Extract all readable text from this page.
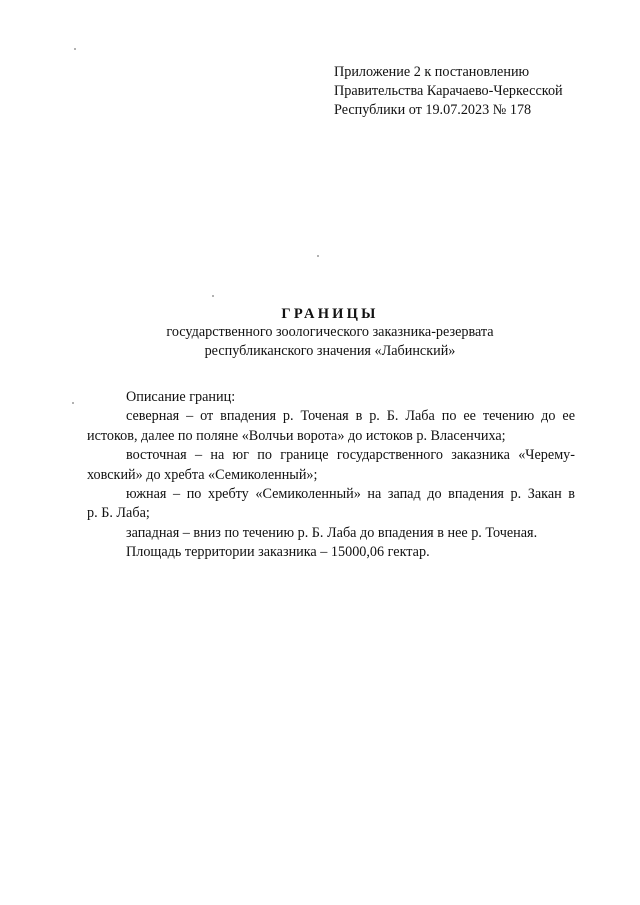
Приложение 2 к постановлению
Правительства Карачаево-Черкесской
Республики от 19.07.2023 № 178
ГРАНИЦЫ
государственного зоологического заказника-резервата
республиканского значения «Лабинский»
Описание границ:
северная – от впадения р. Точеная в р. Б. Лаба по ее течению до ее
истоков, далее по поляне «Волчьи ворота» до истоков р. Власенчиха;
восточная – на юг по границе государственного заказника «Черему-
ховский» до хребта «Семиколенный»;
южная – по хребту «Семиколенный» на запад до впадения р. Закан в
р. Б. Лаба;
западная – вниз по течению р. Б. Лаба до впадения в нее р. Точеная.
Площадь территории заказника – 15000,06 гектар.
